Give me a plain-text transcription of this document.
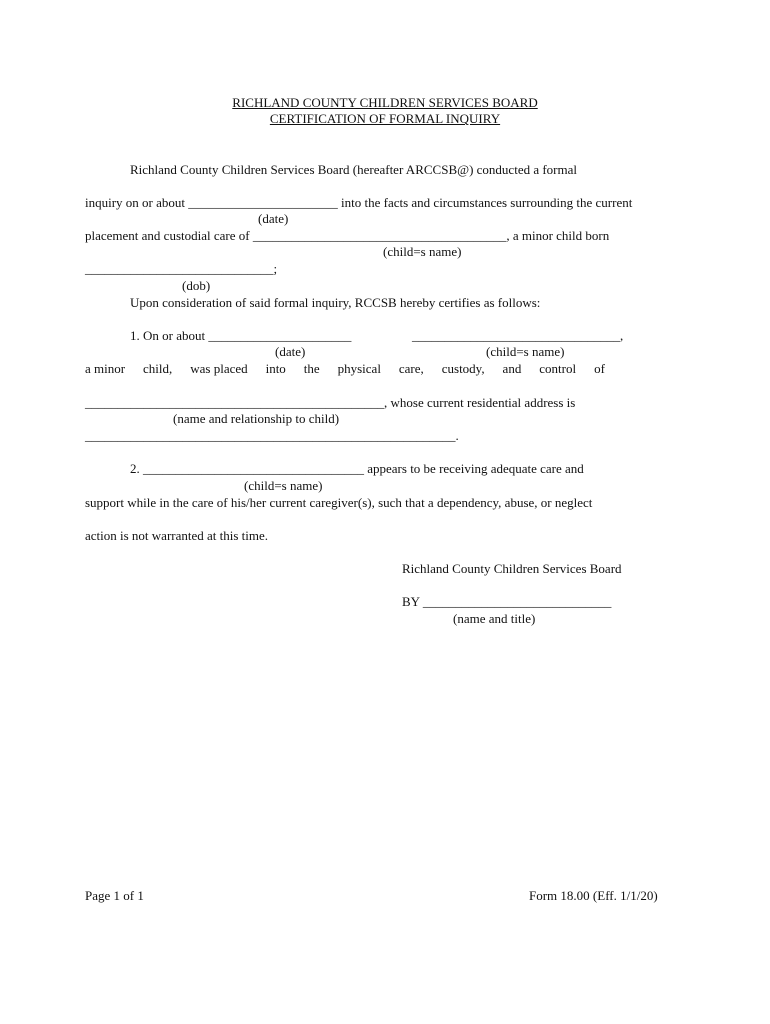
RICHLAND COUNTY CHILDREN SERVICES BOARD
CERTIFICATION OF FORMAL INQUIRY
Richland County Children Services Board (hereafter ARCCSB@) conducted a formal
inquiry on or about _______________________ into the facts and circumstances surrounding the current
(date)
placement and custodial care of _______________________________________, a minor child born
(child=s name)
_____________________________;
(dob)
Upon consideration of said formal inquiry, RCCSB hereby certifies as follows:
1. On or about ______________________	________________________________,
(date)	(child=s name)
a minor child, was placed into the physical care, custody, and control of
______________________________________________, whose current residential address is
(name and relationship to child)
_________________________________________________________.
2. __________________________________ appears to be receiving adequate care and
(child=s name)
support while in the care of his/her current caregiver(s), such that a dependency, abuse, or neglect
action is not warranted at this time.
Richland County Children Services Board
BY _____________________________
(name and title)
Page 1 of 1	Form 18.00 (Eff. 1/1/20)
